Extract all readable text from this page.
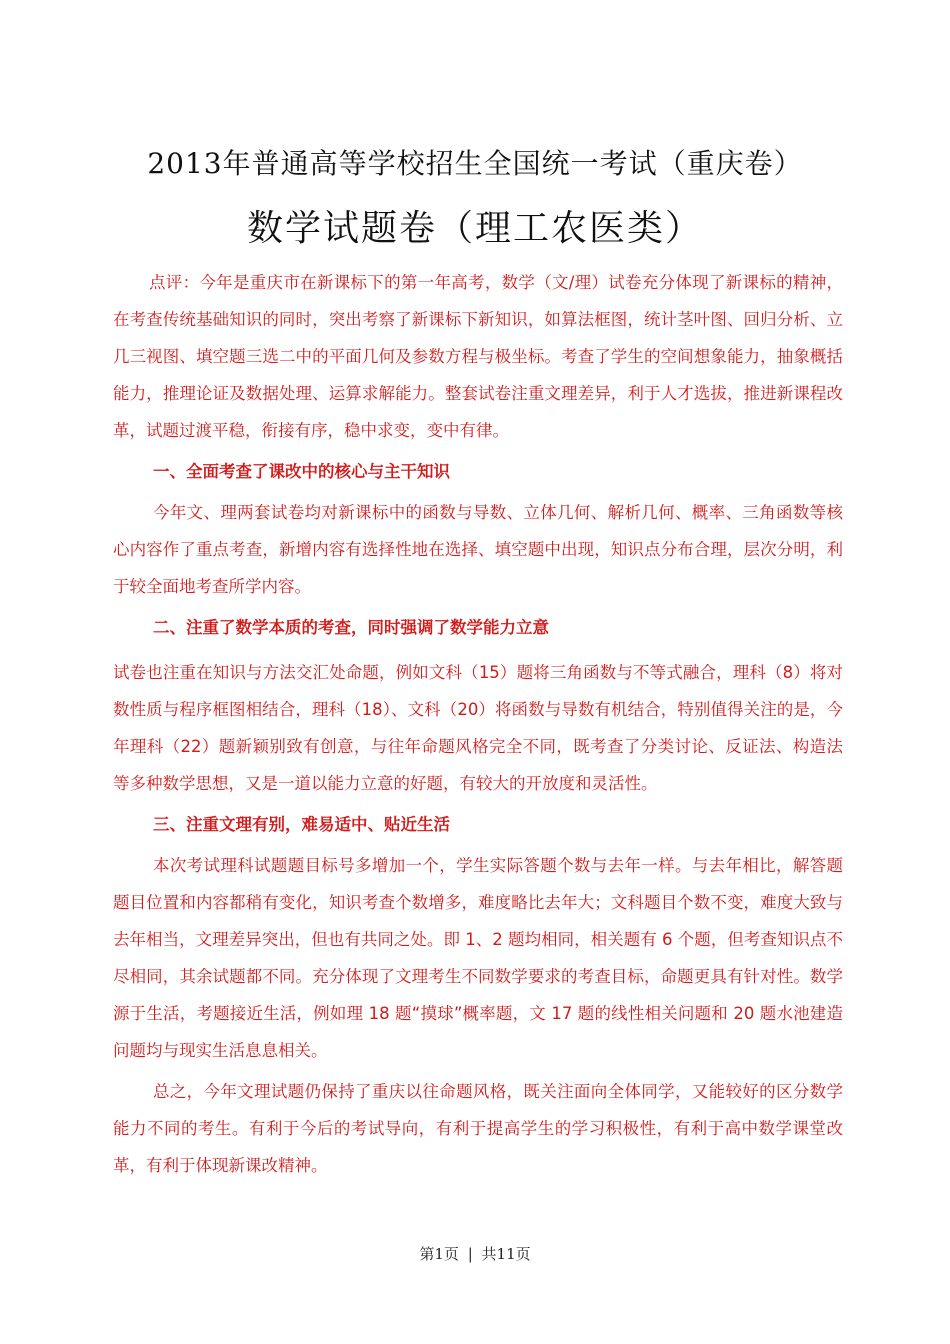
2013年普通高等学校招生全国统一考试（重庆卷）
数学试题卷（理工农医类）

点评：今年是重庆市在新课标下的第一年高考，数学（文/理）试卷充分体现了新课标的精神，在考查传统基础知识的同时，突出考察了新课标下新知识，如算法框图，统计茎叶图、回归分析、立几三视图、填空题三选二中的平面几何及参数方程与极坐标。考查了学生的空间想象能力，抽象概括能力，推理论证及数据处理、运算求解能力。整套试卷注重文理差异，利于人才选拔，推进新课程改革，试题过渡平稳，衔接有序，稳中求变，变中有律。

一、全面考查了课改中的核心与主干知识

今年文、理两套试卷均对新课标中的函数与导数、立体几何、解析几何、概率、三角函数等核心内容作了重点考查，新增内容有选择性地在选择、填空题中出现，知识点分布合理，层次分明，利于较全面地考查所学内容。

二、注重了数学本质的考查，同时强调了数学能力立意

试卷也注重在知识与方法交汇处命题，例如文科（15）题将三角函数与不等式融合，理科（8）将对数性质与程序框图相结合，理科（18）、文科（20）将函数与导数有机结合，特别值得关注的是，今年理科（22）题新颖别致有创意，与往年命题风格完全不同，既考查了分类讨论、反证法、构造法等多种数学思想，又是一道以能力立意的好题，有较大的开放度和灵活性。

三、注重文理有别，难易适中、贴近生活

本次考试理科试题题目标号多增加一个，学生实际答题个数与去年一样。与去年相比，解答题题目位置和内容都稍有变化，知识考查个数增多，难度略比去年大；文科题目个数不变，难度大致与去年相当，文理差异突出，但也有共同之处。即 1、2 题均相同，相关题有 6 个题，但考查知识点不尽相同，其余试题都不同。充分体现了文理考生不同数学要求的考查目标，命题更具有针对性。数学源于生活，考题接近生活，例如理 18 题“摸球”概率题，文 17 题的线性相关问题和 20 题水池建造问题均与现实生活息息相关。

总之，今年文理试题仍保持了重庆以往命题风格，既关注面向全体同学，又能较好的区分数学能力不同的考生。有利于今后的考试导向，有利于提高学生的学习积极性，有利于高中数学课堂改革，有利于体现新课改精神。

第1页 | 共11页
